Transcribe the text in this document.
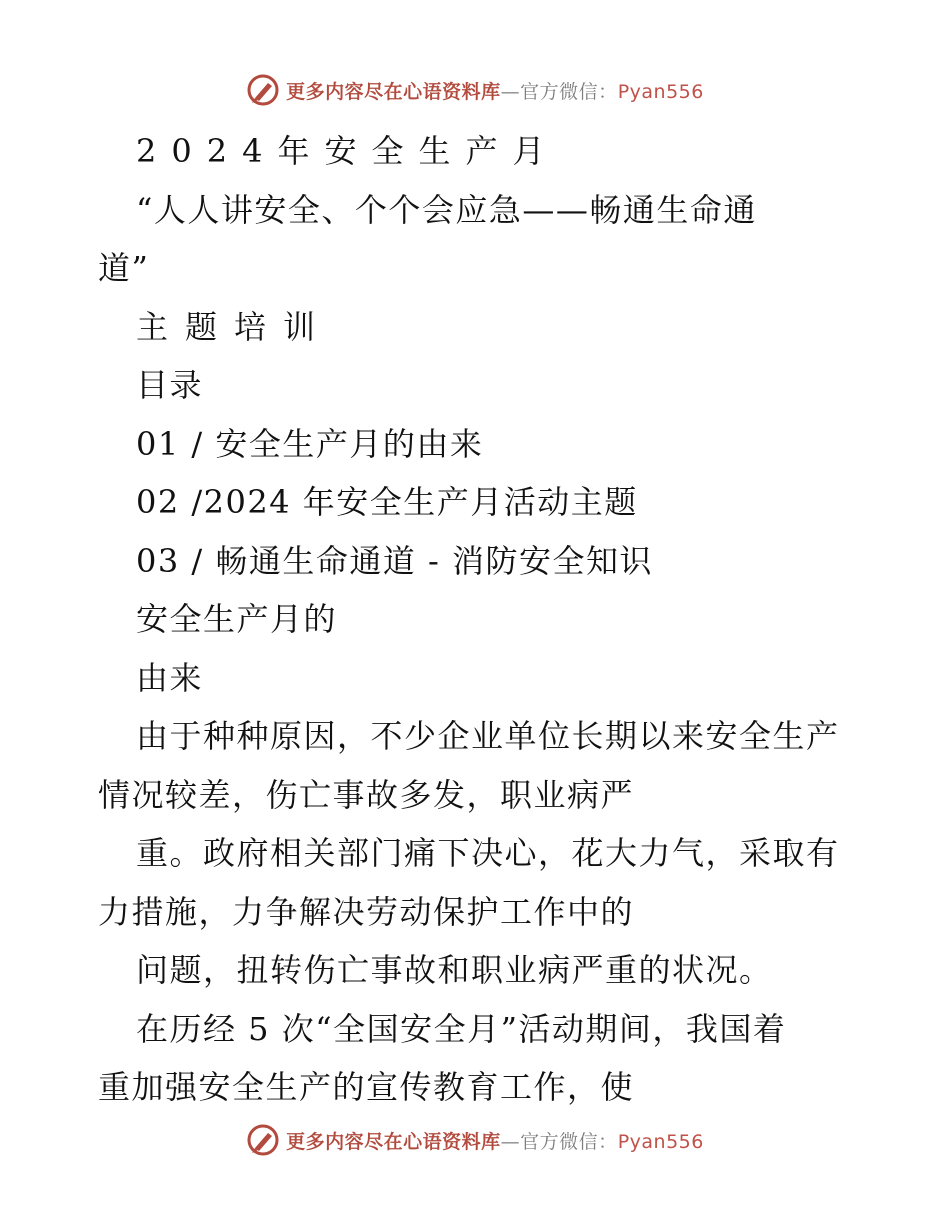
更多内容尽在心语资料库—官方微信：Pyan556
2024年安全生产月
“人人讲安全、个个会应急——畅通生命通
道”
主题培训
目录
01 / 安全生产月的由来
02 /2024 年安全生产月活动主题
03 / 畅通生命通道 - 消防安全知识
安全生产月的
由来
由于种种原因，不少企业单位长期以来安全生产
情况较差，伤亡事故多发，职业病严
重。政府相关部门痛下决心，花大力气，采取有
力措施，力争解决劳动保护工作中的
问题，扭转伤亡事故和职业病严重的状况。
在历经 5 次“全国安全月”活动期间，我国着
重加强安全生产的宣传教育工作，使
更多内容尽在心语资料库—官方微信：Pyan556
